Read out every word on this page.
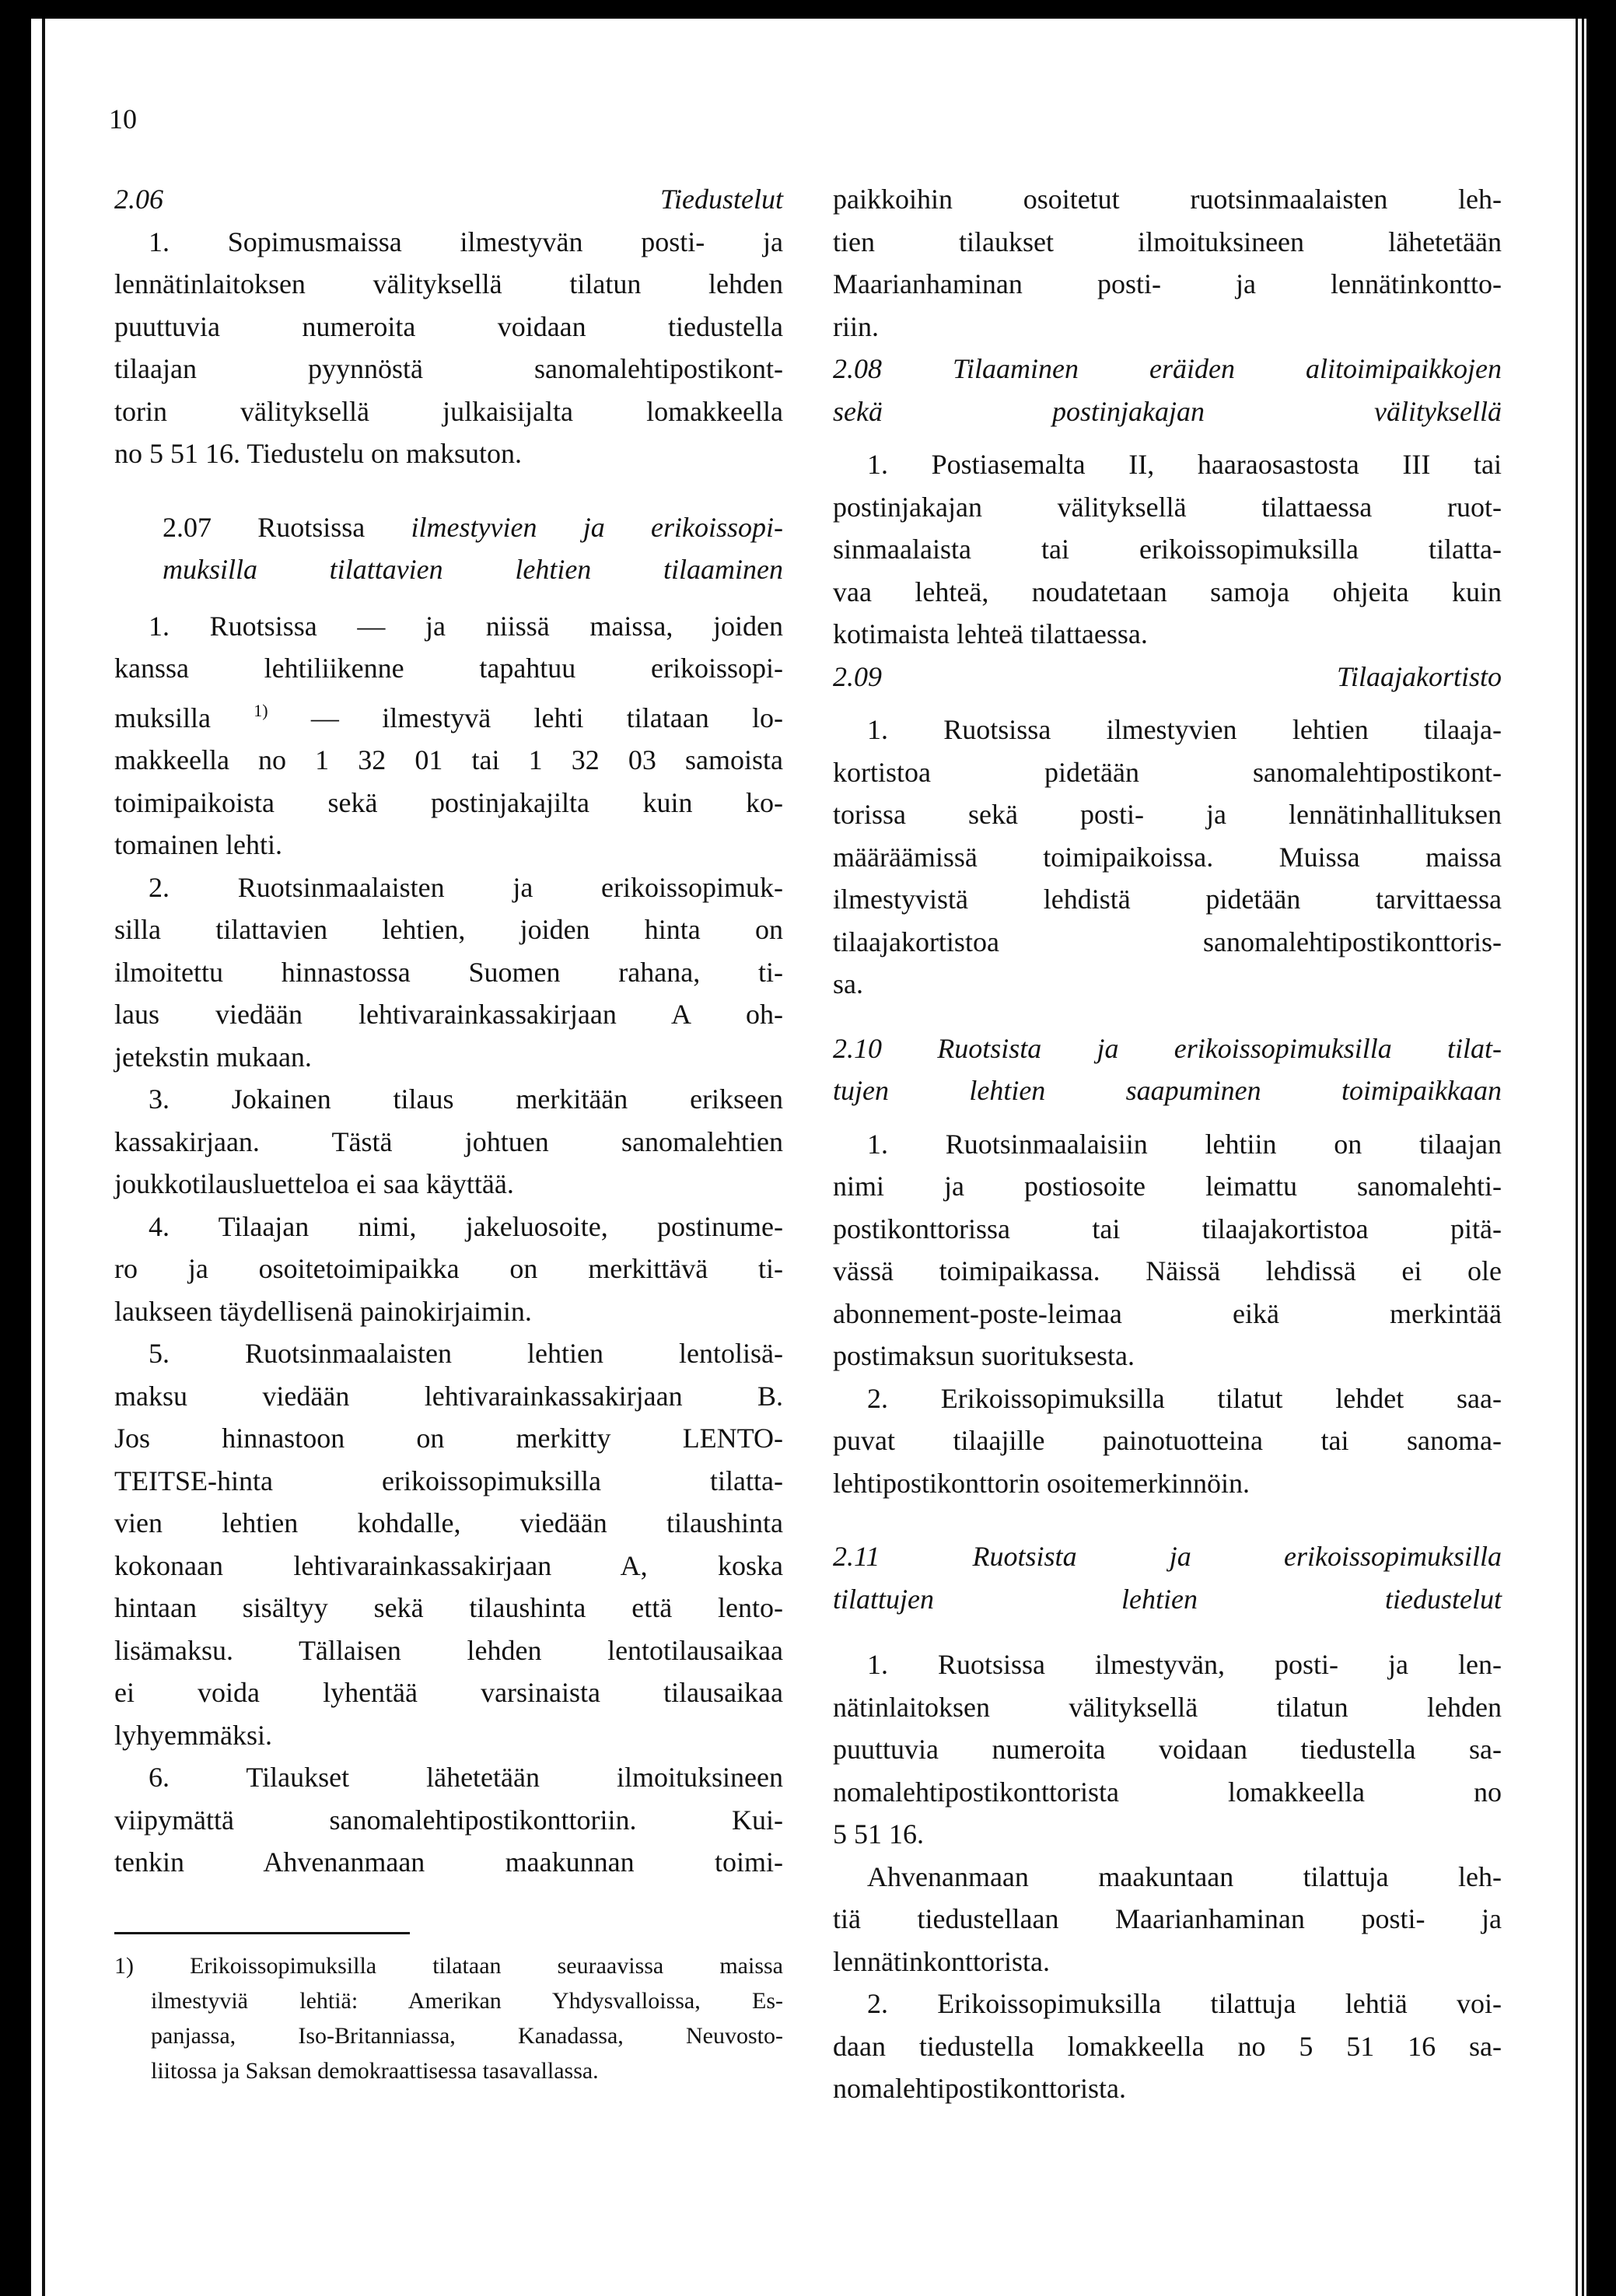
10

2.06 Tiedustelut

1. Sopimusmaissa ilmestyvän posti- ja

lennätinlaitoksen välityksellä tilatun lehden

puuttuvia numeroita voidaan tiedustella

tilaajan pyynnöstä sanomalehtipostikont-

torin välityksellä julkaisijalta lomakkeella

no 5 51 16. Tiedustelu on maksuton.

2.07 Ruotsissa ilmestyvien ja erikoissopi-

muksilla tilattavien lehtien tilaaminen

1. Ruotsissa — ja niissä maissa, joiden

kanssa lehtiliikenne tapahtuu erikoissopi-

muksilla $^{1)}$ — ilmestyvä lehti tilataan lo-

makkeella no 1 32 01 tai 1 32 03 samoista

toimipaikoista sekä postinjakajilta kuin ko-

tomainen lehti.

2. Ruotsinmaalaisten ja erikoissopimuk-

silla tilattavien lehtien, joiden hinta on

ilmoitettu hinnastossa Suomen rahana, ti-

laus viedään lehtivarainkassakirjaan A oh-

jetekstin mukaan.

3. Jokainen tilaus merkitään erikseen

kassakirjaan. Tästä johtuen sanomalehtien

joukkotilausluetteloa ei saa käyttää.

4. Tilaajan nimi, jakeluosoite, postinume-

ro ja osoitetoimipaikka on merkittävä ti-

laukseen täydellisenä painokirjaimin.

5. Ruotsinmaalaisten lehtien lentolisä-

maksu viedään lehtivarainkassakirjaan B.

Jos hinnastoon on merkitty LENTO-

TEITSE-hinta erikoissopimuksilla tilatta-

vien lehtien kohdalle, viedään tilaushinta

kokonaan lehtivarainkassakirjaan A, koska

hintaan sisältyy sekä tilaushinta että lento-

lisämaksu. Tällaisen lehden lentotilausaikaa

ei voida lyhentää varsinaista tilausaikaa

lyhyemmäksi.

6. Tilaukset lähetetään ilmoituksineen

viipymättä sanomalehtipostikonttoriin. Kui-

tenkin Ahvenanmaan maakunnan toimi-

1) Erikoissopimuksilla tilataan seuraavissa maissa

ilmestyviä lehtiä: Amerikan Yhdysvalloissa, Es-

panjassa, Iso-Britanniassa, Kanadassa, Neuvosto-

liitossa ja Saksan demokraattisessa tasavallassa.

paikkoihin osoitetut ruotsinmaalaisten leh-

tien tilaukset ilmoituksineen lähetetään

Maarianhaminan posti- ja lennätinkontto-

riin.

2.08 Tilaaminen eräiden alitoimipaikkojen

sekä postinjakajan välityksellä

1. Postiasemalta II, haaraosastosta III tai

postinjakajan välityksellä tilattaessa ruot-

sinmaalaista tai erikoissopimuksilla tilatta-

vaa lehteä, noudatetaan samoja ohjeita kuin

kotimaista lehteä tilattaessa.

2.09 Tilaajakortisto

1. Ruotsissa ilmestyvien lehtien tilaaja-

kortistoa pidetään sanomalehtipostikont-

torissa sekä posti- ja lennätinhallituksen

määräämissä toimipaikoissa. Muissa maissa

ilmestyvistä lehdistä pidetään tarvittaessa

tilaajakortistoa sanomalehtipostikonttoris-

sa.

2.10 Ruotsista ja erikoissopimuksilla tilat-

tujen lehtien saapuminen toimipaikkaan

1. Ruotsinmaalaisiin lehtiin on tilaajan

nimi ja postiosoite leimattu sanomalehti-

postikonttorissa tai tilaajakortistoa pitä-

vässä toimipaikassa. Näissä lehdissä ei ole

abonnement-poste-leimaa eikä merkintää

postimaksun suorituksesta.

2. Erikoissopimuksilla tilatut lehdet saa-

puvat tilaajille painotuotteina tai sanoma-

lehtipostikonttorin osoitemerkinnöin.

2.11 Ruotsista ja erikoissopimuksilla

tilattujen lehtien tiedustelut

1. Ruotsissa ilmestyvän, posti- ja len-

nätinlaitoksen välityksellä tilatun lehden

puuttuvia numeroita voidaan tiedustella sa-

nomalehtipostikonttorista lomakkeella no

5 51 16.

Ahvenanmaan maakuntaan tilattuja leh-

tiä tiedustellaan Maarianhaminan posti- ja

lennätinkonttorista.

2. Erikoissopimuksilla tilattuja lehtiä voi-

daan tiedustella lomakkeella no 5 51 16 sa-

nomalehtipostikonttorista.
